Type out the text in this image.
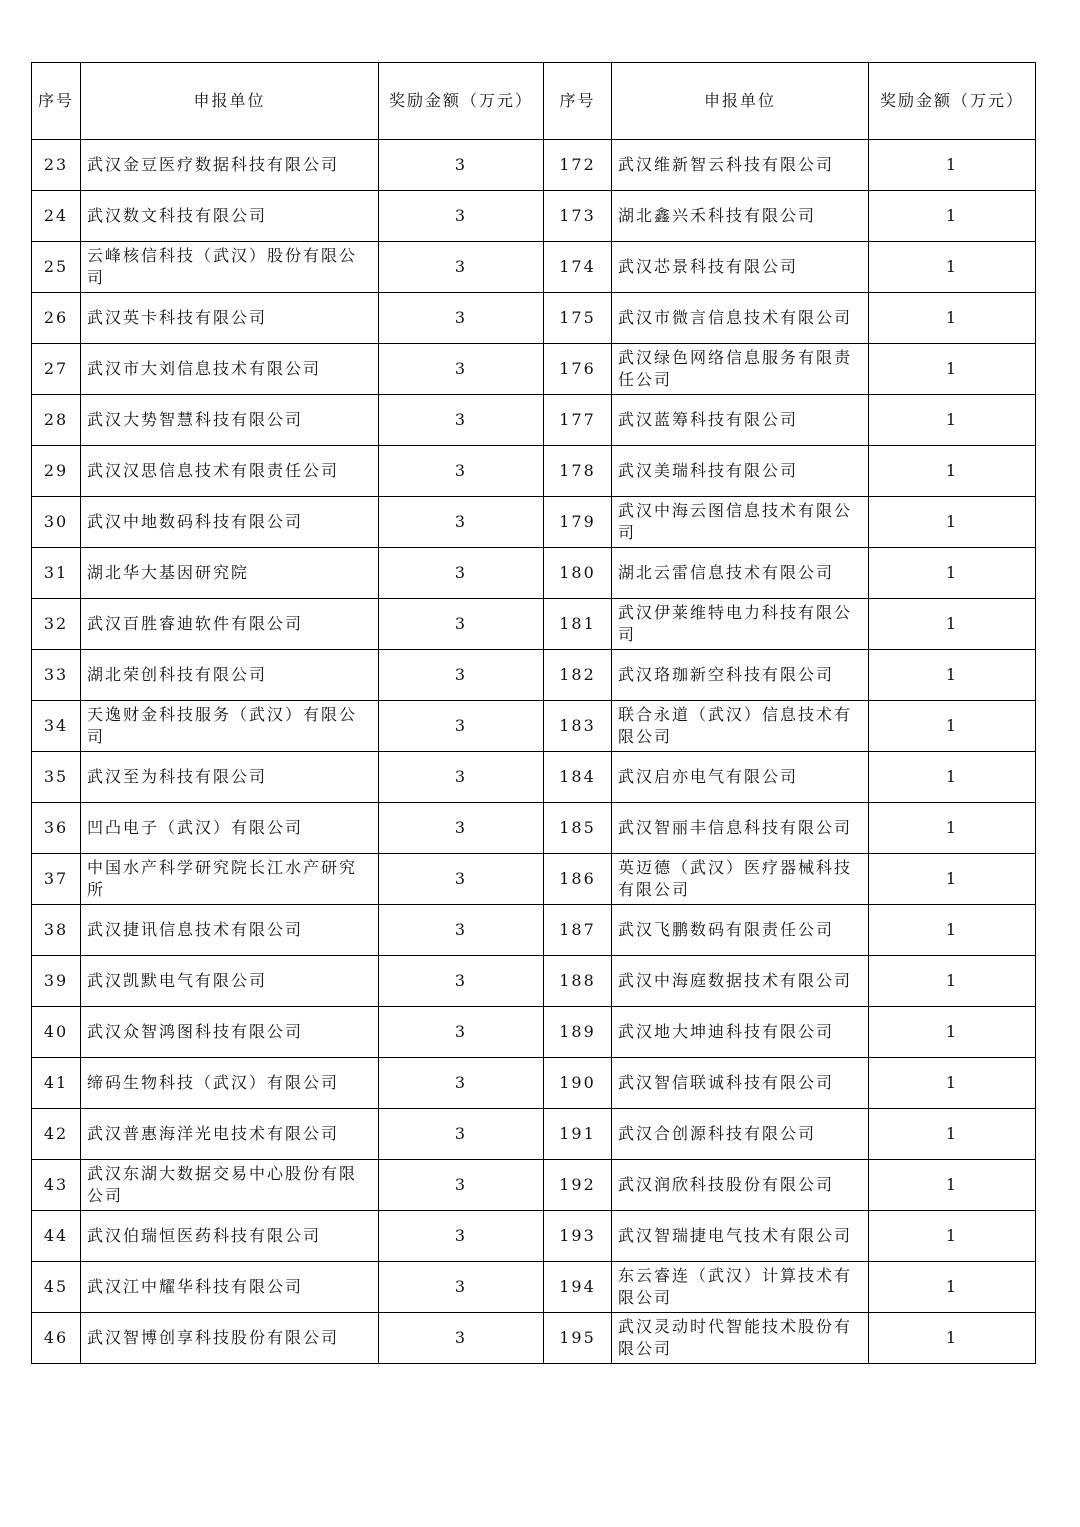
序号	申报单位	奖励金额（万元）	序号	申报单位	奖励金额（万元）
23	武汉金豆医疗数据科技有限公司	3	172	武汉维新智云科技有限公司	1
24	武汉数文科技有限公司	3	173	湖北鑫兴禾科技有限公司	1
25	云峰核信科技（武汉）股份有限公司	3	174	武汉芯景科技有限公司	1
26	武汉英卡科技有限公司	3	175	武汉市微言信息技术有限公司	1
27	武汉市大刘信息技术有限公司	3	176	武汉绿色网络信息服务有限责任公司	1
28	武汉大势智慧科技有限公司	3	177	武汉蓝筹科技有限公司	1
29	武汉汉思信息技术有限责任公司	3	178	武汉美瑞科技有限公司	1
30	武汉中地数码科技有限公司	3	179	武汉中海云图信息技术有限公司	1
31	湖北华大基因研究院	3	180	湖北云雷信息技术有限公司	1
32	武汉百胜睿迪软件有限公司	3	181	武汉伊莱维特电力科技有限公司	1
33	湖北荣创科技有限公司	3	182	武汉珞珈新空科技有限公司	1
34	天逸财金科技服务（武汉）有限公司	3	183	联合永道（武汉）信息技术有限公司	1
35	武汉至为科技有限公司	3	184	武汉启亦电气有限公司	1
36	凹凸电子（武汉）有限公司	3	185	武汉智丽丰信息科技有限公司	1
37	中国水产科学研究院长江水产研究所	3	186	英迈德（武汉）医疗器械科技有限公司	1
38	武汉捷讯信息技术有限公司	3	187	武汉飞鹏数码有限责任公司	1
39	武汉凯默电气有限公司	3	188	武汉中海庭数据技术有限公司	1
40	武汉众智鸿图科技有限公司	3	189	武汉地大坤迪科技有限公司	1
41	缔码生物科技（武汉）有限公司	3	190	武汉智信联诚科技有限公司	1
42	武汉普惠海洋光电技术有限公司	3	191	武汉合创源科技有限公司	1
43	武汉东湖大数据交易中心股份有限公司	3	192	武汉润欣科技股份有限公司	1
44	武汉伯瑞恒医药科技有限公司	3	193	武汉智瑞捷电气技术有限公司	1
45	武汉江中耀华科技有限公司	3	194	东云睿连（武汉）计算技术有限公司	1
46	武汉智博创享科技股份有限公司	3	195	武汉灵动时代智能技术股份有限公司	1
